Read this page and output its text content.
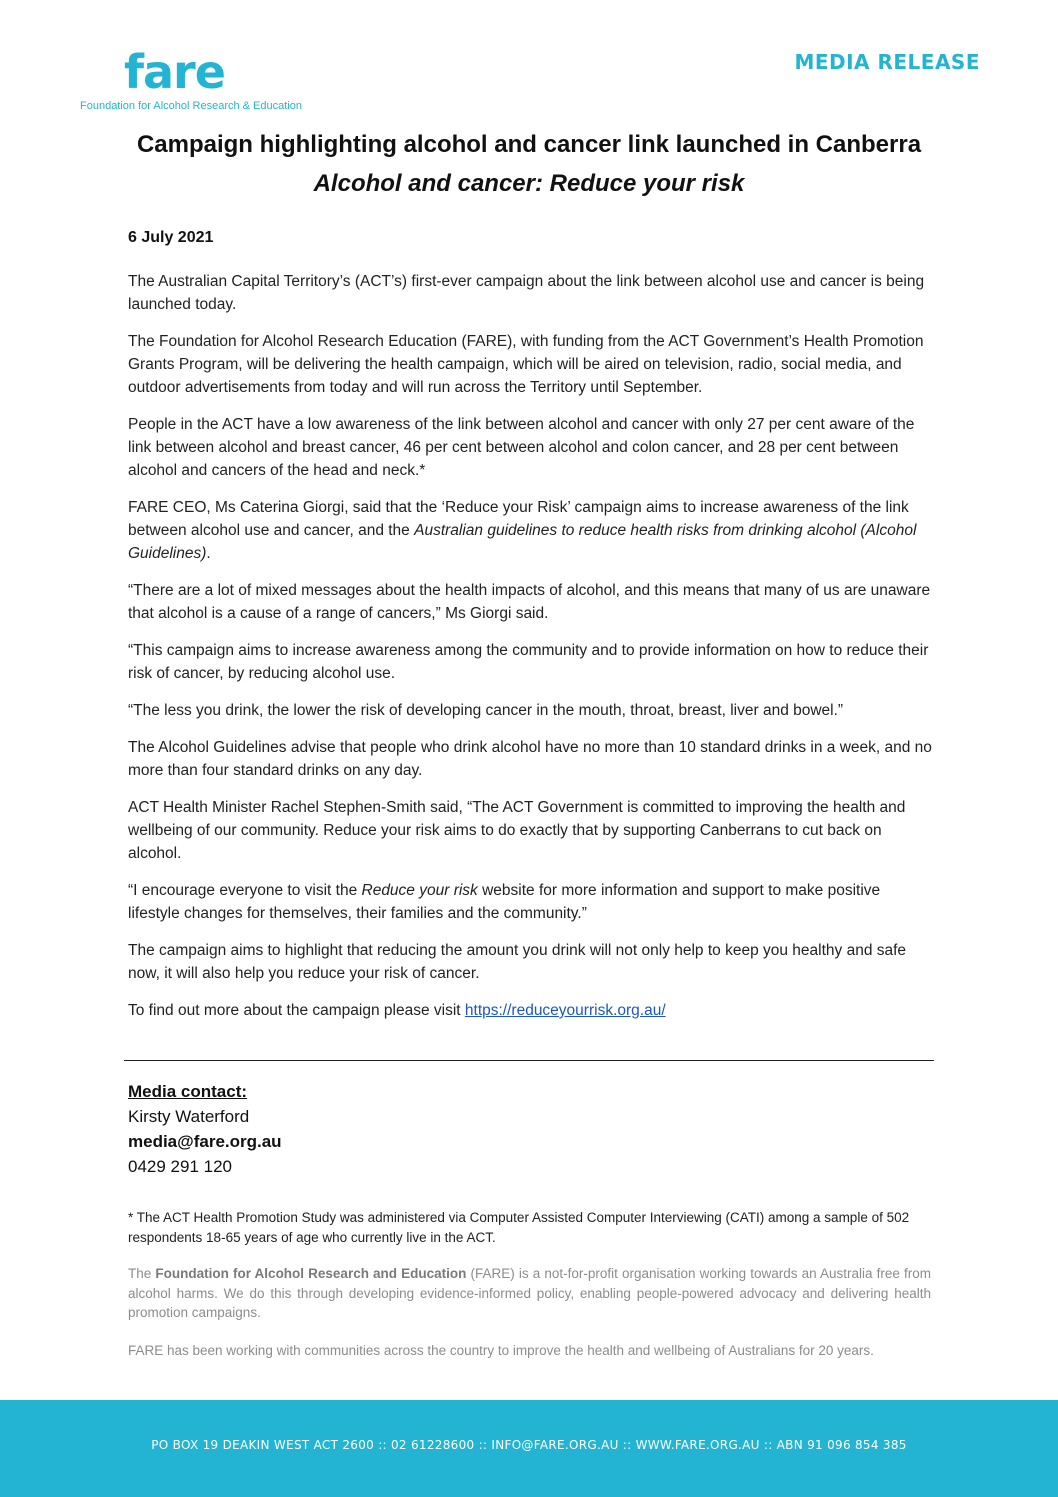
fare
Foundation for Alcohol Research & Education
MEDIA RELEASE
Campaign highlighting alcohol and cancer link launched in Canberra
Alcohol and cancer: Reduce your risk
6 July 2021

The Australian Capital Territory’s (ACT’s) first-ever campaign about the link between alcohol use and cancer is being launched today.

The Foundation for Alcohol Research Education (FARE), with funding from the ACT Government’s Health Promotion Grants Program, will be delivering the health campaign, which will be aired on television, radio, social media, and outdoor advertisements from today and will run across the Territory until September.

People in the ACT have a low awareness of the link between alcohol and cancer with only 27 per cent aware of the link between alcohol and breast cancer, 46 per cent between alcohol and colon cancer, and 28 per cent between alcohol and cancers of the head and neck.*

FARE CEO, Ms Caterina Giorgi, said that the ‘Reduce your Risk’ campaign aims to increase awareness of the link between alcohol use and cancer, and the Australian guidelines to reduce health risks from drinking alcohol (Alcohol Guidelines).

“There are a lot of mixed messages about the health impacts of alcohol, and this means that many of us are unaware that alcohol is a cause of a range of cancers,” Ms Giorgi said.

“This campaign aims to increase awareness among the community and to provide information on how to reduce their risk of cancer, by reducing alcohol use.

“The less you drink, the lower the risk of developing cancer in the mouth, throat, breast, liver and bowel.”

The Alcohol Guidelines advise that people who drink alcohol have no more than 10 standard drinks in a week, and no more than four standard drinks on any day.

ACT Health Minister Rachel Stephen-Smith said, “The ACT Government is committed to improving the health and wellbeing of our community. Reduce your risk aims to do exactly that by supporting Canberrans to cut back on alcohol.

“I encourage everyone to visit the Reduce your risk website for more information and support to make positive lifestyle changes for themselves, their families and the community.”

The campaign aims to highlight that reducing the amount you drink will not only help to keep you healthy and safe now, it will also help you reduce your risk of cancer.

To find out more about the campaign please visit https://reduceyourrisk.org.au/

Media contact:
Kirsty Waterford
media@fare.org.au
0429 291 120
* The ACT Health Promotion Study was administered via Computer Assisted Computer Interviewing (CATI) among a sample of 502 respondents 18-65 years of age who currently live in the ACT.
The Foundation for Alcohol Research and Education (FARE) is a not-for-profit organisation working towards an Australia free from alcohol harms. We do this through developing evidence-informed policy, enabling people-powered advocacy and delivering health promotion campaigns.
FARE has been working with communities across the country to improve the health and wellbeing of Australians for 20 years.
PO BOX 19 DEAKIN WEST ACT 2600 :: 02 61228600 :: INFO@FARE.ORG.AU :: WWW.FARE.ORG.AU :: ABN 91 096 854 385
